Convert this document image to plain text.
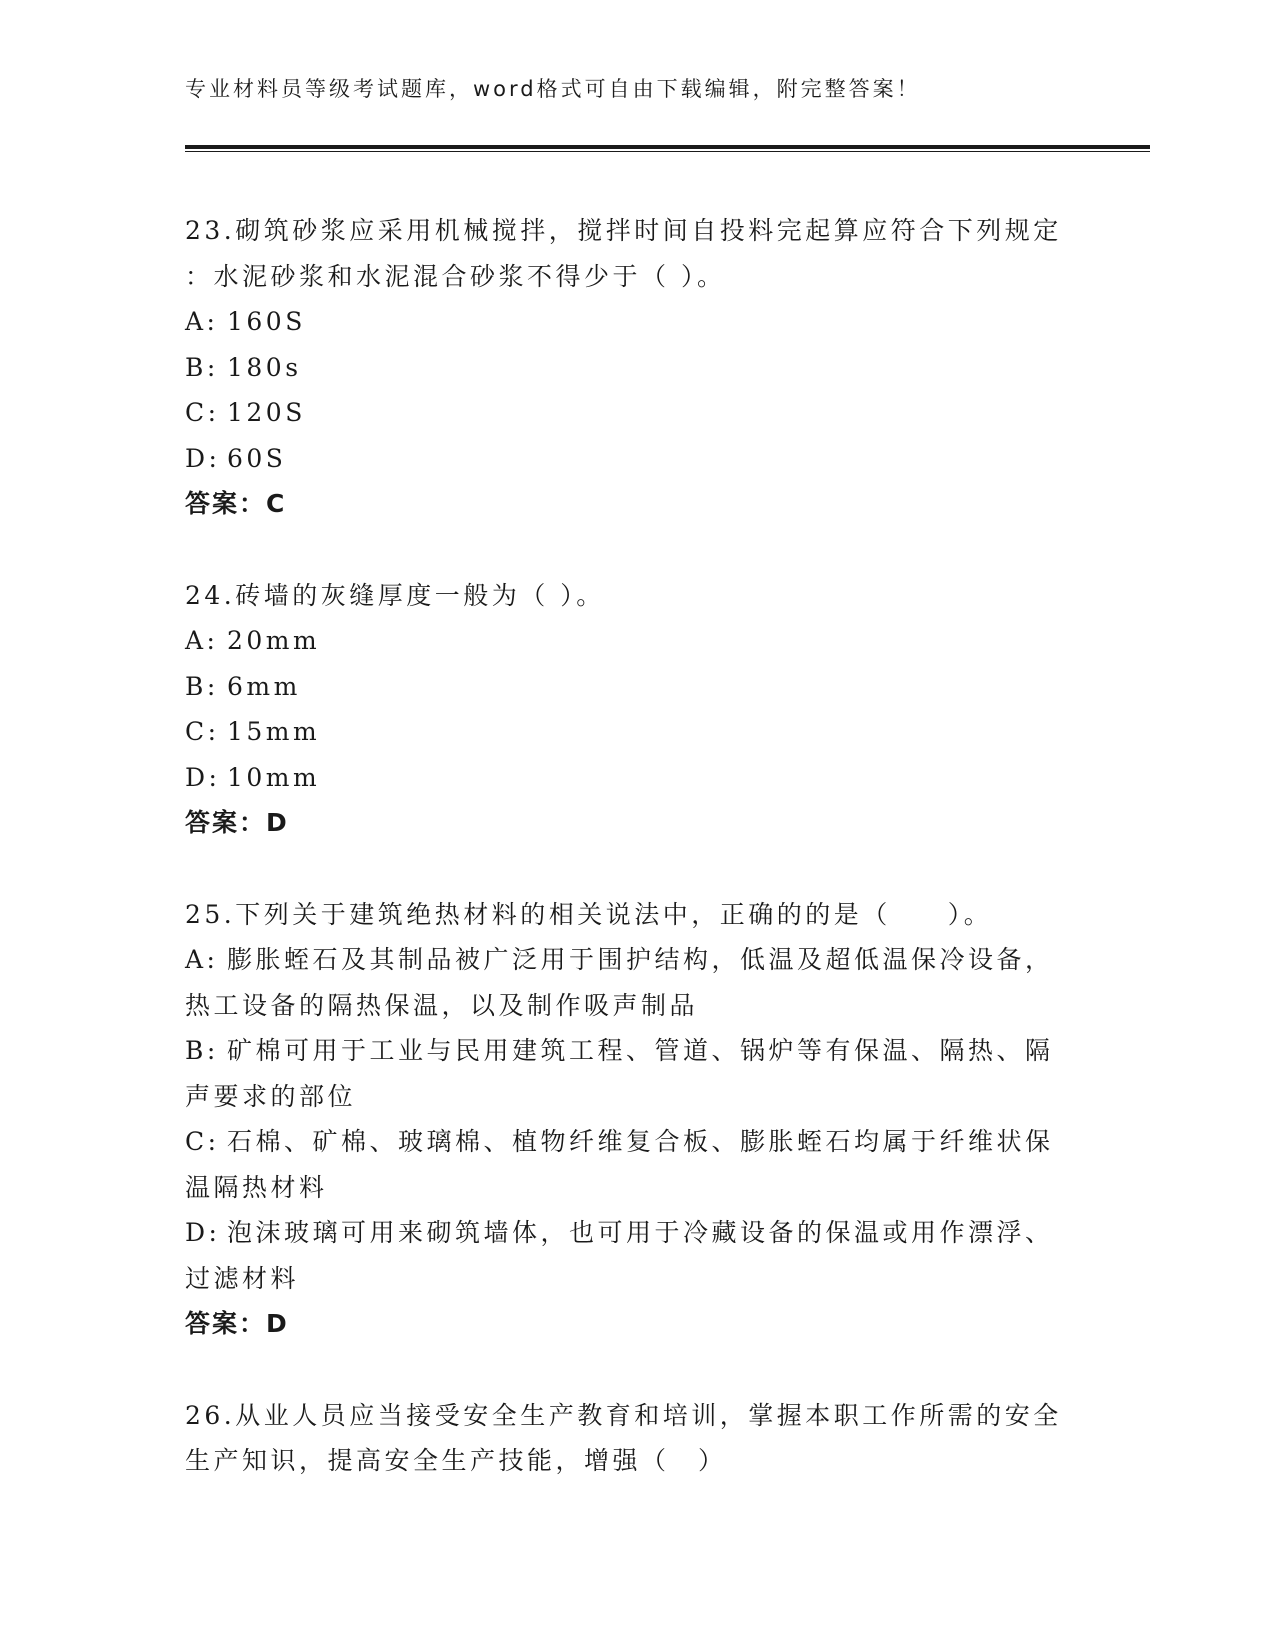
专业材料员等级考试题库，word格式可自由下载编辑，附完整答案！
23.砌筑砂浆应采用机械搅拌，搅拌时间自投料完起算应符合下列规定
：水泥砂浆和水泥混合砂浆不得少于（ ）。
A: 160S
B: 180s
C: 120S
D: 60S
答案：C
24.砖墙的灰缝厚度一般为（ ）。
A: 20mm
B: 6mm
C: 15mm
D: 10mm
答案：D
25.下列关于建筑绝热材料的相关说法中，正确的的是（　　）。
A: 膨胀蛭石及其制品被广泛用于围护结构，低温及超低温保冷设备，
热工设备的隔热保温，以及制作吸声制品
B: 矿棉可用于工业与民用建筑工程、管道、锅炉等有保温、隔热、隔
声要求的部位
C: 石棉、矿棉、玻璃棉、植物纤维复合板、膨胀蛭石均属于纤维状保
温隔热材料
D: 泡沫玻璃可用来砌筑墙体，也可用于冷藏设备的保温或用作漂浮、
过滤材料
答案：D
26.从业人员应当接受安全生产教育和培训，掌握本职工作所需的安全
生产知识，提高安全生产技能，增强（　）
